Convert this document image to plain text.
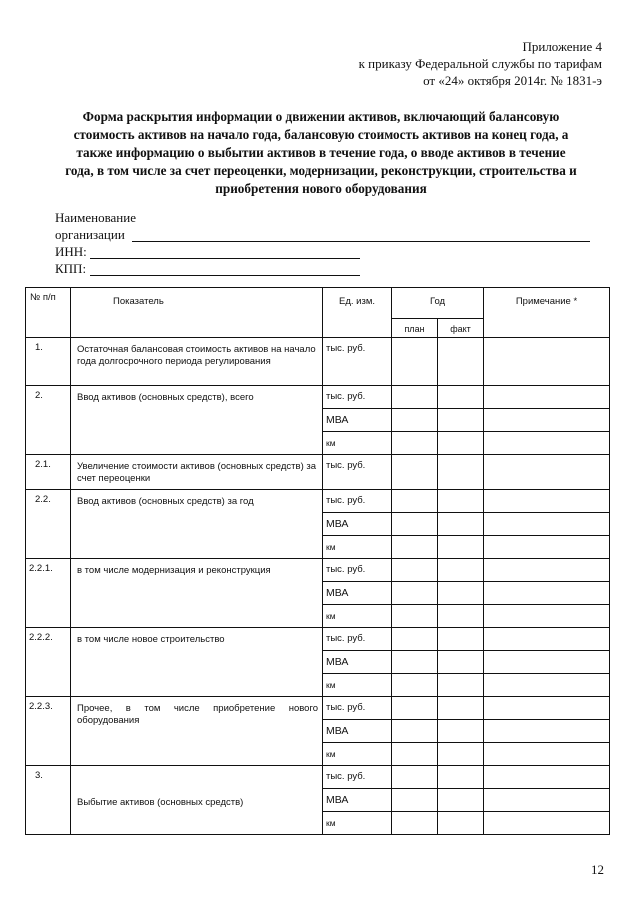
Приложение 4
к приказу Федеральной службы по тарифам
от «24» октября 2014г. № 1831-э
Форма раскрытия информации о движении активов, включающий балансовую
стоимость активов на начало года, балансовую стоимость активов на конец года, а
также информацию о выбытии активов в течение года, о вводе активов в течение
года, в том числе за счет переоценки, модернизации, реконструкции, строительства и
приобретения нового оборудования
Наименование
организации
ИНН:
КПП:
№ п/п	Показатель	Ед. изм.	Год		Примечание *
			план	факт	
1.	Остаточная балансовая стоимость активов на начало года долгосрочного периода регулирования	тыс. руб.			
2.	Ввод активов (основных средств), всего	тыс. руб.			
		МВА			
		км			
2.1.	Увеличение стоимости активов (основных средств) за счет переоценки	тыс. руб.			
2.2.	Ввод активов (основных средств) за год	тыс. руб.			
		МВА			
		км			
2.2.1.	в том числе модернизация и реконструкция	тыс. руб.			
		МВА			
		км			
2.2.2.	в том числе новое строительство	тыс. руб.			
		МВА			
		км			
2.2.3.	Прочее, в том числе приобретение нового оборудования	тыс. руб.			
		МВА			
		км			
3.	Выбытие активов (основных средств)	тыс. руб.			
		МВА			
		км			
12
